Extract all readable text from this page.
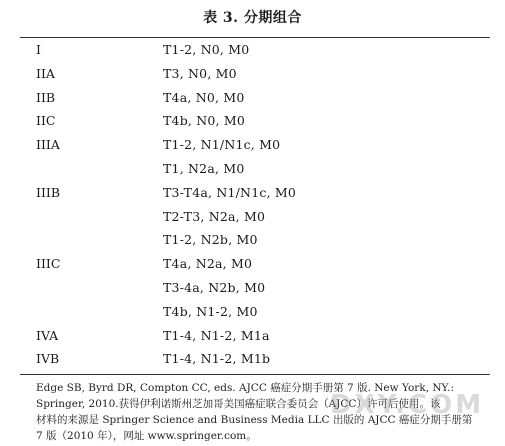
表 3. 分期组合
I	T1-2, N0, M0
IIA	T3, N0, M0
IIB	T4a, N0, M0
IIC	T4b, N0, M0
IIIA	T1-2, N1/N1c, M0
T1, N2a, M0
IIIB	T3-T4a, N1/N1c, M0
T2-T3, N2a, M0
T1-2, N2b, M0
IIIC	T4a, N2a, M0
T3-4a, N2b, M0
T4b, N1-2, M0
IVA	T1-4, N1-2, M1a
IVB	T1-4, N1-2, M1b
Edge SB, Byrd DR, Compton CC, eds. AJCC 癌症分期手册第 7 版. New York, NY.:
Springer, 2010.获得伊利诺斯州芝加哥美国癌症联合委员会（AJCC）许可后使用。该
材料的来源是 Springer Science and Business Media LLC 出版的 AJCC 癌症分期手册第
7 版（2010 年），网址 www.springer.com。
DXY.COM
